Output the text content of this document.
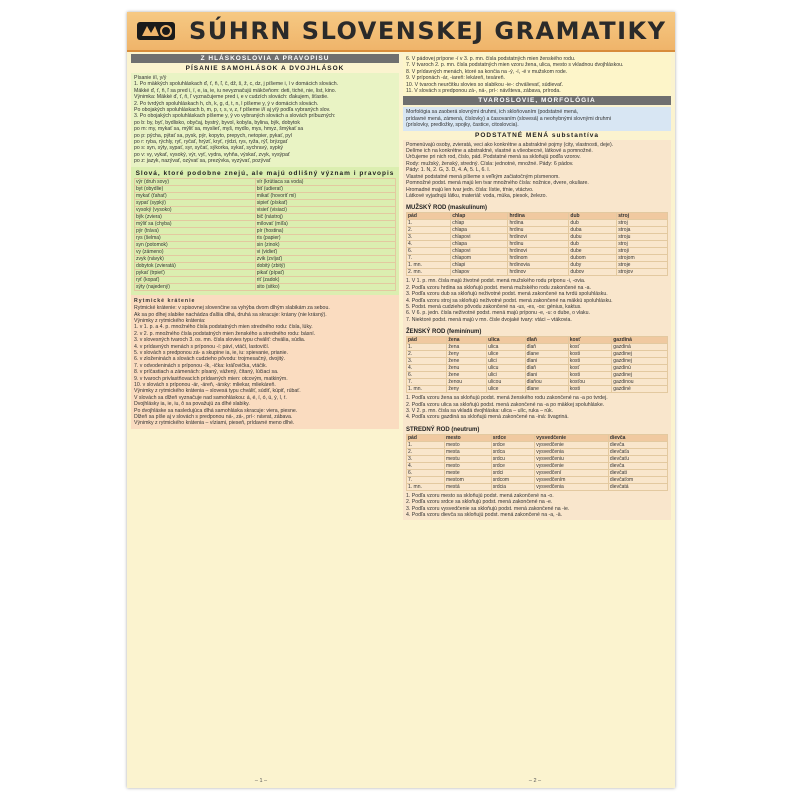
SÚHRN SLOVENSKEJ GRAMATIKY
Z HLÁSKOSLOVIA A PRAVOPISU
PÍSANIE SAMOHLÁSOK A DVOJHLÁSOK
Písanie i/í, y/ý
1. Po mäkkých spoluhláskach ď, ť, ň, ľ, č, dž, š, ž, c, dz, j píšeme i, í v domácich slovách.
Mäkké ď, ť, ň, ľ sa pred i, í, e, ia, ie, iu nevyznačujú mäkčeňom: deti, tiché, nie, list, kino.
Výnimka: Mäkké ď, ť, ň, ľ vyznačujeme pred i, e v cudzích slovách: ďakujem, šťastie.
2. Po tvrdých spoluhláskach h, ch, k, g, d, t, n, l píšeme y, ý v domácich slovách.
Po obojakých spoluhláskach b, m, p, r, s, v, z, f píšeme i/í aj y/ý podľa vybraných slov.
3. Po obojakých spoluhláskach píšeme y, ý vo vybraných slovách a slovách príbuzných:
po b: by, byť, bydlisko, obyčaj, bystrý, byvol, kobyla, bylina, býk, dobytok
po m: my, mykať sa, mýliť sa, myslieť, myš, mydlo, mys, hmyz, šmýkať sa
po p: pýcha, pýtať sa, pysk, pýr, kopyto, prepych, netopier, pykať, pyl
po r: ryba, rýchly, ryť, ryčať, hrýzť, kryť, rýdzi, rys, ryža, rýľ, brýzgať
po s: syn, sýty, sypať, syr, syčať, sýkorka, sykať, sychravý, sypký
po v: vy, vykať, vysoký, výr, vyť, vydra, vyhňa, výskať, zvyk, vysýpať
po z: jazyk, nazývať, ozývať sa, prezývka, vyzývať, pozývať
Slová, ktoré podobne znejú, ale majú odlišný význam i pravopis
výr (druh sovy)	vír (krútiaca sa voda)
byt (obydlie)	biť (udierať)
mykať (ťahať)	mikať (hovoriť mi)
sypať (sypký)	sipieť (pískať)
vysoký (vysoko)	visieť (visiaci)
býk (zviera)	bič (nástroj)
mýliť sa (chyba)	mílovať (míľa)
pýr (tráva)	pír (hostina)
rys (šelma)	ris (papier)
syn (potomok)	sin (zinok)
vy (zámeno)	vi (vidieť)
zvyk (návyk)	zvik (zvíjať)
dobytok (zvieratá)	dobitý (zbitý)
pykať (trpieť)	pikať (pípať)
ryť (kopať)	riť (zadok)
sýty (najedený)	sito (sitko)
Rytmické krátenie
Rytmické krátenie: v spisovnej slovenčine sa vyhýba dvom dlhým slabikám za sebou.
Ak sa po dlhej slabike nachádza ďalšia dlhá, druhá sa skracuje: krásny (nie krásný).
Výnimky z rytmického krátenia:
1. v 1. p. a 4. p. množného čísla podstatných mien stredného rodu: čísla, lúky.
2. v 2. p. množného čísla podstatných mien ženského a stredného rodu: básní.
3. v slovesných tvaroch 3. os. mn. čísla slovies typu chváliť: chvália, súdia.
4. v prídavných menách s príponou -í: páví, vtáčí, lastovičí.
5. v slovách s predponou zá- a skupine ia, ie, iu: spievanie, prianie.
6. v zloženinách a slovách cudzieho pôvodu: trojmesačný, dvojitý.
7. v odvodeninách s príponou -ík, -ička: kráľovička, vtáčik.
8. v príčastiach a zámenách: písaný, vážený, čítaný, lúčiaci sa.
9. v tvaroch privlastňovacích prídavných mien: otcovým, matkiným.
10. v slovách s príponou -ár, -áreň, -ársky: mliekar, mliekáreň.
Výnimky z rytmického krátenia – slovesá typu chváliť, súdiť, kúpiť, rúbať.
V slovách sa dĺžeň vyznačuje nad samohláskou: á, é, í, ó, ú, ý, ĺ, ŕ.
Dvojhlásky ia, ie, iu, ô sa považujú za dlhé slabiky.
Po dvojhláske sa nasledujúca dlhá samohláska skracuje: viera, piesne.
Dĺžeň sa píše aj v slovách s predponou ná-, zá-, prí-: návrat, zábava.
Výnimky z rytmického krátenia – víziami, pieseň, prídavné meno dlhé.
6. V pádovej prípone -í v 3. p. mn. čísla podstatných mien ženského rodu.
7. V tvaroch 2. p. mn. čísla podstatných mien vzoru žena, ulica, mesto s vkladnou dvojhláskou.
8. V prídavných menách, ktoré sa končia na -ý, -í, -é v mužskom rode.
9. V príponách -ár, -iareň: lekáreň, tesáreň.
10. V tvaroch neurčitku slovies so slabikou -ie-: chválievať, súdievať.
11. V slovách s predponou zá-, ná-, prí-: návšteva, zábava, príroda.
TVAROSLOVIE, MORFOLÓGIA
Morfológia sa zaoberá slovnými druhmi, ich skloňovaním (podstatné mená,
prídavné mená, zámená, číslovky) a časovaním (slovesá) a neohybnými slovnými druhmi
(príslovky, predložky, spojky, častice, citoslovcia).
PODSTATNÉ MENÁ substantíva
Pomenúvajú osoby, zvieratá, veci ako konkrétne a abstraktné pojmy (city, vlastnosti, deje).
Delíme ich na konkrétne a abstraktné, vlastné a všeobecné, látkové a pomnožné.
Určujeme pri nich rod, číslo, pád. Podstatné mená sa skloňujú podľa vzorov.
Rody: mužský, ženský, stredný. Čísla: jednotné, množné. Pády: 6 pádov.
Pády: 1. N, 2. G, 3. D, 4. A, 5. L, 6. I.
Vlastné podstatné mená píšeme s veľkým začiatočným písmenom.
Pomnožné podst. mená majú len tvar množného čísla: nožnice, dvere, okuliare.
Hromadné majú len tvar jedn. čísla: lístie, tŕnie, vtáctvo.
Látkové vyjadrujú látku, materiál: voda, múka, piesok, železo.
MUŽSKÝ ROD (maskulínum)
pád	chlap	hrdina	dub	stroj
1.	chlap	hrdina	dub	stroj
2.	chlapa	hrdinu	duba	stroja
3.	chlapovi	hrdinovi	dubu	stroju
4.	chlapa	hrdinu	dub	stroj
6.	chlapovi	hrdinovi	dube	stroji
7.	chlapom	hrdinom	dubom	strojom
1. mn.	chlapi	hrdinovia	duby	stroje
2. mn.	chlapov	hrdinov	dubov	strojov
1. V 1. p. mn. čísla majú životné podst. mená mužského rodu príponu -i, -ovia.
2. Podľa vzoru hrdina sa skloňujú podst. mená mužského rodu zakončené na -a.
3. Podľa vzoru dub sa skloňujú neživotné podst. mená zakončené na tvrdú spoluhlásku.
4. Podľa vzoru stroj sa skloňujú neživotné podst. mená zakončené na mäkkú spoluhlásku.
5. Podst. mená cudzieho pôvodu zakončené na -us, -es, -os: génius, kaktus.
6. V 6. p. jedn. čísla neživotné podst. mená majú príponu -e, -u: o dube, o vlaku.
7. Niektoré podst. mená majú v mn. čísle dvojaké tvary: vtáci – vtákovia.
ŽENSKÝ ROD (feminínum)
pád	žena	ulica	dlaň	kosť	gazdiná
1.	žena	ulica	dlaň	kosť	gazdiná
2.	ženy	ulice	dlane	kosti	gazdinej
3.	žene	ulici	dlani	kosti	gazdinej
4.	ženu	ulicu	dlaň	kosť	gazdinú
6.	žene	ulici	dlani	kosti	gazdinej
7.	ženou	ulicou	dlaňou	kosťou	gazdinou
1. mn.	ženy	ulice	dlane	kosti	gazdiné
1. Podľa vzoru žena sa skloňujú podst. mená ženského rodu zakončené na -a po tvrdej.
2. Podľa vzoru ulica sa skloňujú podst. mená zakončené na -a po mäkkej spoluhláske.
3. V 2. p. mn. čísla sa vkladá dvojhláska: ulica – ulíc, ruka – rúk.
4. Podľa vzoru gazdiná sa skloňujú mená zakončené na -iná: švagriná.
STREDNÝ ROD (neutrum)
pád	mesto	srdce	vysvedčenie	dievča
1.	mesto	srdce	vysvedčenie	dievča
2.	mesta	srdca	vysvedčenia	dievčaťa
3.	mestu	srdcu	vysvedčeniu	dievčaťu
4.	mesto	srdce	vysvedčenie	dievča
6.	meste	srdci	vysvedčení	dievčati
7.	mestom	srdcom	vysvedčením	dievčaťom
1. mn.	mestá	srdcia	vysvedčenia	dievčatá
1. Podľa vzoru mesto sa skloňujú podst. mená zakončené na -o.
2. Podľa vzoru srdce sa skloňujú podst. mená zakončené na -e.
3. Podľa vzoru vysvedčenie sa skloňujú podst. mená zakončené na -ie.
4. Podľa vzoru dievča sa skloňujú podst. mená zakončené na -a, -ä.
– 1 –	– 2 –
